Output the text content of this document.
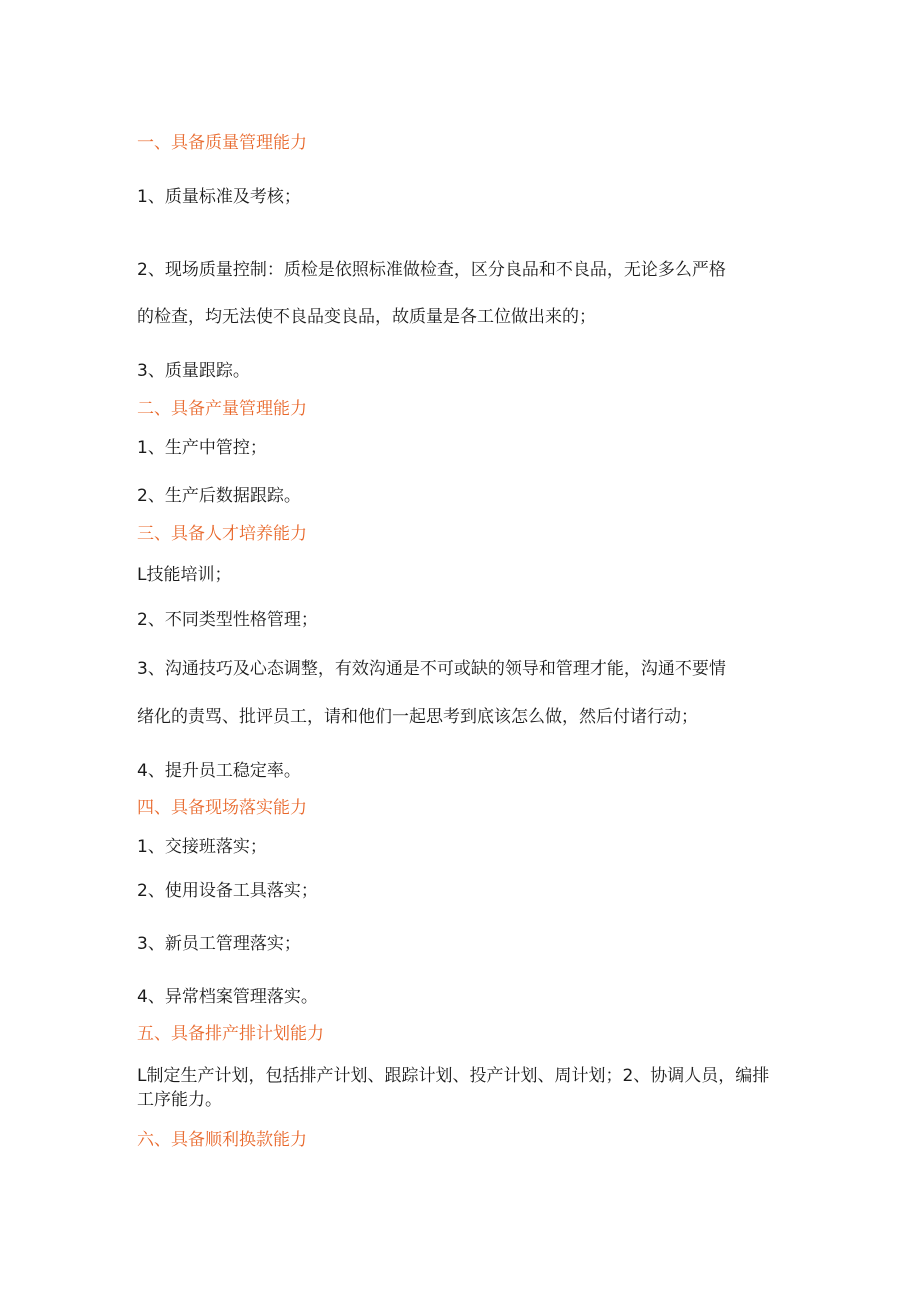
一、具备质量管理能力
1、质量标准及考核；
2、现场质量控制：质检是依照标准做检查，区分良品和不良品，无论多么严格
的检查，均无法使不良品变良品，故质量是各工位做出来的；
3、质量跟踪。
二、具备产量管理能力
1、生产中管控；
2、生产后数据跟踪。
三、具备人才培养能力
L技能培训；
2、不同类型性格管理；
3、沟通技巧及心态调整，有效沟通是不可或缺的领导和管理才能，沟通不要情
绪化的责骂、批评员工，请和他们一起思考到底该怎么做，然后付诸行动；
4、提升员工稳定率。
四、具备现场落实能力
1、交接班落实；
2、使用设备工具落实；
3、新员工管理落实；
4、异常档案管理落实。
五、具备排产排计划能力
L制定生产计划，包括排产计划、跟踪计划、投产计划、周计划；2、协调人员，编排工序能力。
六、具备顺利换款能力
